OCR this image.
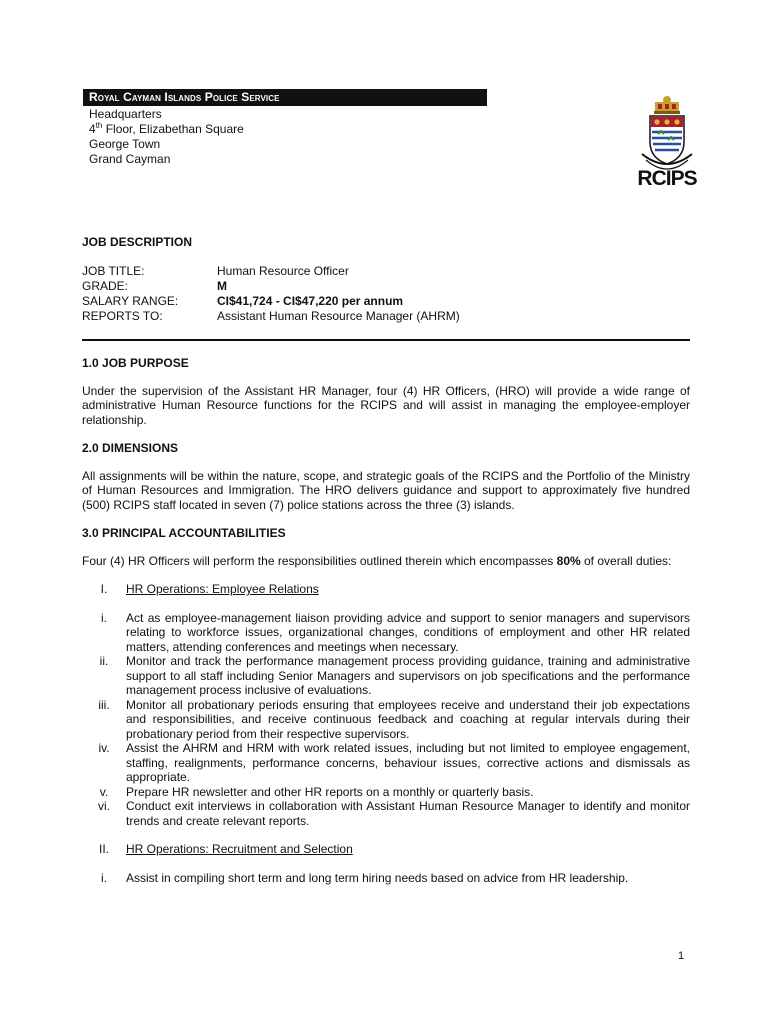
Royal Cayman Islands Police Service
Headquarters
4th Floor, Elizabethan Square
George Town
Grand Cayman
RCIPS
JOB DESCRIPTION
JOB TITLE:	Human Resource Officer
GRADE:	M
SALARY RANGE:	CI$41,724 - CI$47,220 per annum
REPORTS TO:	Assistant Human Resource Manager (AHRM)

1.0 JOB PURPOSE

Under the supervision of the Assistant HR Manager, four (4) HR Officers, (HRO) will provide a wide range of administrative Human Resource functions for the RCIPS and will assist in managing the employee-employer relationship.

2.0 DIMENSIONS

All assignments will be within the nature, scope, and strategic goals of the RCIPS and the Portfolio of the Ministry of Human Resources and Immigration. The HRO delivers guidance and support to approximately five hundred (500) RCIPS staff located in seven (7) police stations across the three (3) islands.

3.0 PRINCIPAL ACCOUNTABILITIES

Four (4) HR Officers will perform the responsibilities outlined therein which encompasses 80% of overall duties:

I.	HR Operations: Employee Relations
i.	Act as employee-management liaison providing advice and support to senior managers and supervisors relating to workforce issues, organizational changes, conditions of employment and other HR related matters, attending conferences and meetings when necessary.
ii.	Monitor and track the performance management process providing guidance, training and administrative support to all staff including Senior Managers and supervisors on job specifications and the performance management process inclusive of evaluations.
iii.	Monitor all probationary periods ensuring that employees receive and understand their job expectations and responsibilities, and receive continuous feedback and coaching at regular intervals during their probationary period from their respective supervisors.
iv.	Assist the AHRM and HRM with work related issues, including but not limited to employee engagement, staffing, realignments, performance concerns, behaviour issues, corrective actions and dismissals as appropriate.
v.	Prepare HR newsletter and other HR reports on a monthly or quarterly basis.
vi.	Conduct exit interviews in collaboration with Assistant Human Resource Manager to identify and monitor trends and create relevant reports.
II.	HR Operations: Recruitment and Selection
i.	Assist in compiling short term and long term hiring needs based on advice from HR leadership.
1
